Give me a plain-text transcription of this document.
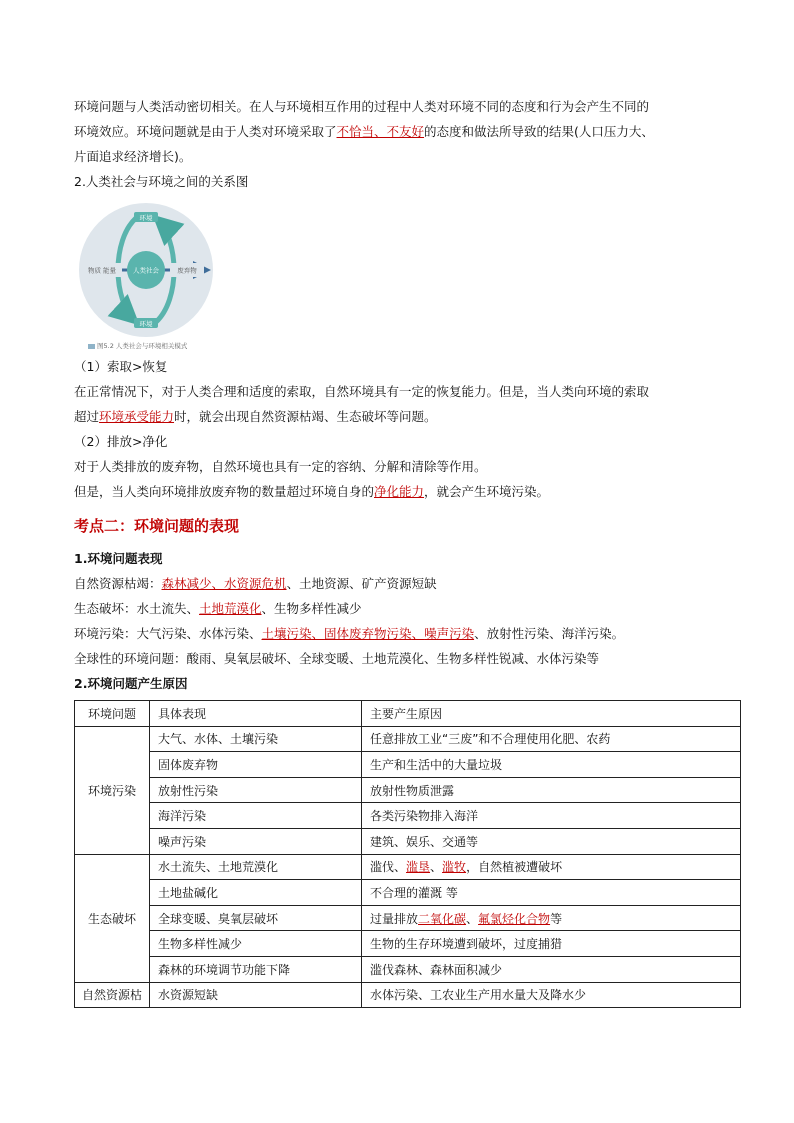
环境问题与人类活动密切相关。在人与环境相互作用的过程中人类对环境不同的态度和行为会产生不同的

环境效应。环境问题就是由于人类对环境采取了不恰当、不友好的态度和做法所导致的结果(人口压力大、

片面追求经济增长)。

2.人类社会与环境之间的关系图

环境
环境
人类社会
物质 能量	废弃物
图5.2 人类社会与环境相关模式

（1）索取>恢复

在正常情况下，对于人类合理和适度的索取，自然环境具有一定的恢复能力。但是，当人类向环境的索取

超过环境承受能力时，就会出现自然资源枯竭、生态破坏等问题。

（2）排放>净化

对于人类排放的废弃物，自然环境也具有一定的容纳、分解和清除等作用。

但是，当人类向环境排放废弃物的数量超过环境自身的净化能力，就会产生环境污染。

考点二：环境问题的表现

1.环境问题表现

自然资源枯竭：森林减少、水资源危机、土地资源、矿产资源短缺

生态破坏：水土流失、土地荒漠化、生物多样性减少

环境污染：大气污染、水体污染、土壤污染、固体废弃物污染、噪声污染、放射性污染、海洋污染。

全球性的环境问题：酸雨、臭氧层破坏、全球变暖、土地荒漠化、生物多样性锐减、水体污染等

2.环境问题产生原因

环境问题	具体表现	主要产生原因
环境污染	大气、水体、土壤污染	任意排放工业“三废”和不合理使用化肥、农药
	固体废弃物	生产和生活中的大量垃圾
	放射性污染	放射性物质泄露
	海洋污染	各类污染物排入海洋
	噪声污染	建筑、娱乐、交通等
生态破坏	水土流失、土地荒漠化	滥伐、滥垦、滥牧，自然植被遭破坏
	土地盐碱化	不合理的灌溉 等
	全球变暖、臭氧层破坏	过量排放二氧化碳、氟氯烃化合物等
	生物多样性减少	生物的生存环境遭到破坏，过度捕猎
	森林的环境调节功能下降	滥伐森林、森林面积减少
自然资源枯	水资源短缺	水体污染、工农业生产用水量大及降水少
